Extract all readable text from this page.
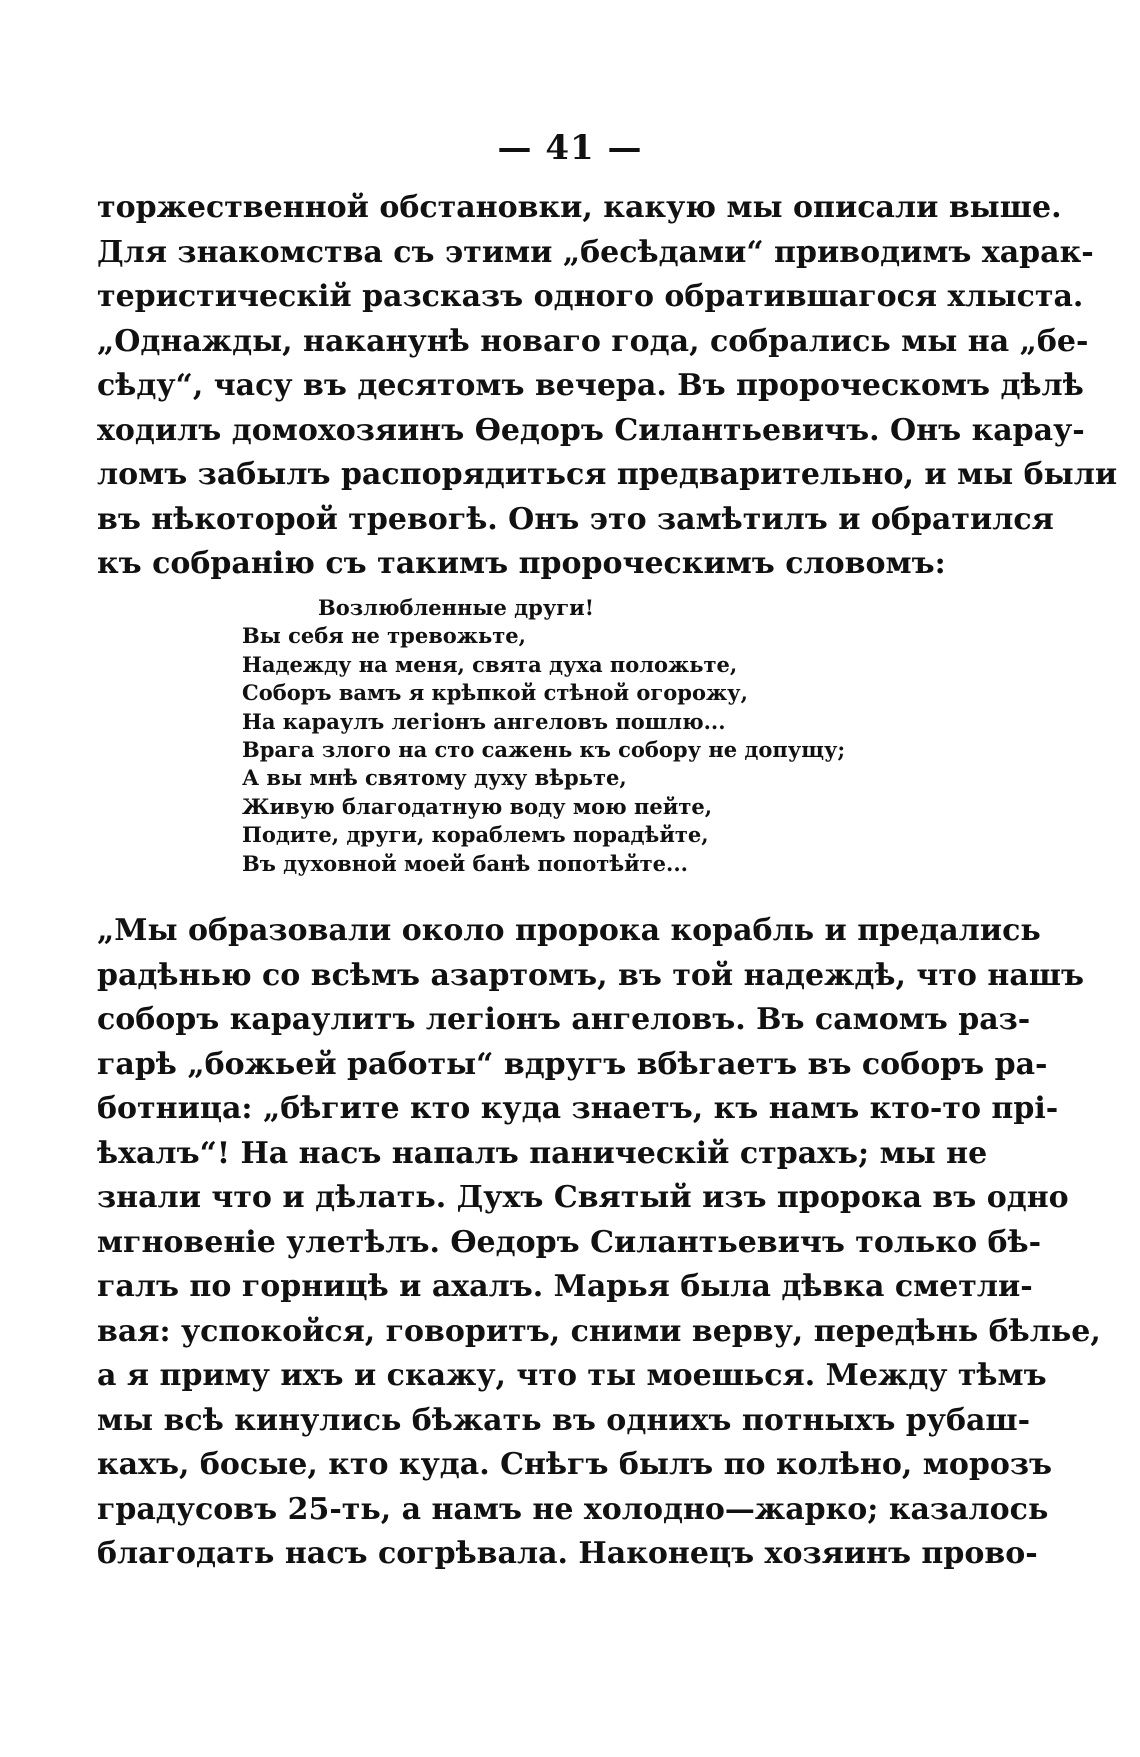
— 41 —
торжественной обстановки, какую мы описали выше.
Для знакомства съ этими „бесѣдами“ приводимъ харак-
теристическій разсказъ одного обратившагося хлыста.
„Однажды, наканунѣ новаго года, собрались мы на „бе-
сѣду“, часу въ десятомъ вечера. Въ пророческомъ дѣлѣ
ходилъ домохозяинъ Өедоръ Силантьевичъ. Онъ карау-
ломъ забылъ распорядиться предварительно, и мы были
въ нѣкоторой тревогѣ. Онъ это замѣтилъ и обратился
къ собранію съ такимъ пророческимъ словомъ:
Возлюбленные други!
Вы себя не тревожьте,
Надежду на меня, свята духа положьте,
Соборъ вамъ я крѣпкой стѣной огорожу,
На караулъ легіонъ ангеловъ пошлю...
Врага злого на сто сажень къ собору не допущу;
А вы мнѣ святому духу вѣрьте,
Живую благодатную воду мою пейте,
Подите, други, кораблемъ порадѣйте,
Въ духовной моей банѣ попотѣйте...
„Мы образовали около пророка корабль и предались
радѣнью со всѣмъ азартомъ, въ той надеждѣ, что нашъ
соборъ караулитъ легіонъ ангеловъ. Въ самомъ раз-
гарѣ „божьей работы“ вдругъ вбѣгаетъ въ соборъ ра-
ботница: „бѣгите кто куда знаетъ, къ намъ кто-то прі-
ѣхалъ“! На насъ напалъ паническій страхъ; мы не
знали что и дѣлать. Духъ Святый изъ пророка въ одно
мгновеніе улетѣлъ. Өедоръ Силантьевичъ только бѣ-
галъ по горницѣ и ахалъ. Марья была дѣвка сметли-
вая: успокойся, говоритъ, сними верву, передѣнь бѣлье,
а я приму ихъ и скажу, что ты моешься. Между тѣмъ
мы всѣ кинулись бѣжать въ однихъ потныхъ рубаш-
кахъ, босые, кто куда. Снѣгъ былъ по колѣно, морозъ
градусовъ 25-ть, а намъ не холодно—жарко; казалось
благодать насъ согрѣвала. Наконецъ хозяинъ прово-
